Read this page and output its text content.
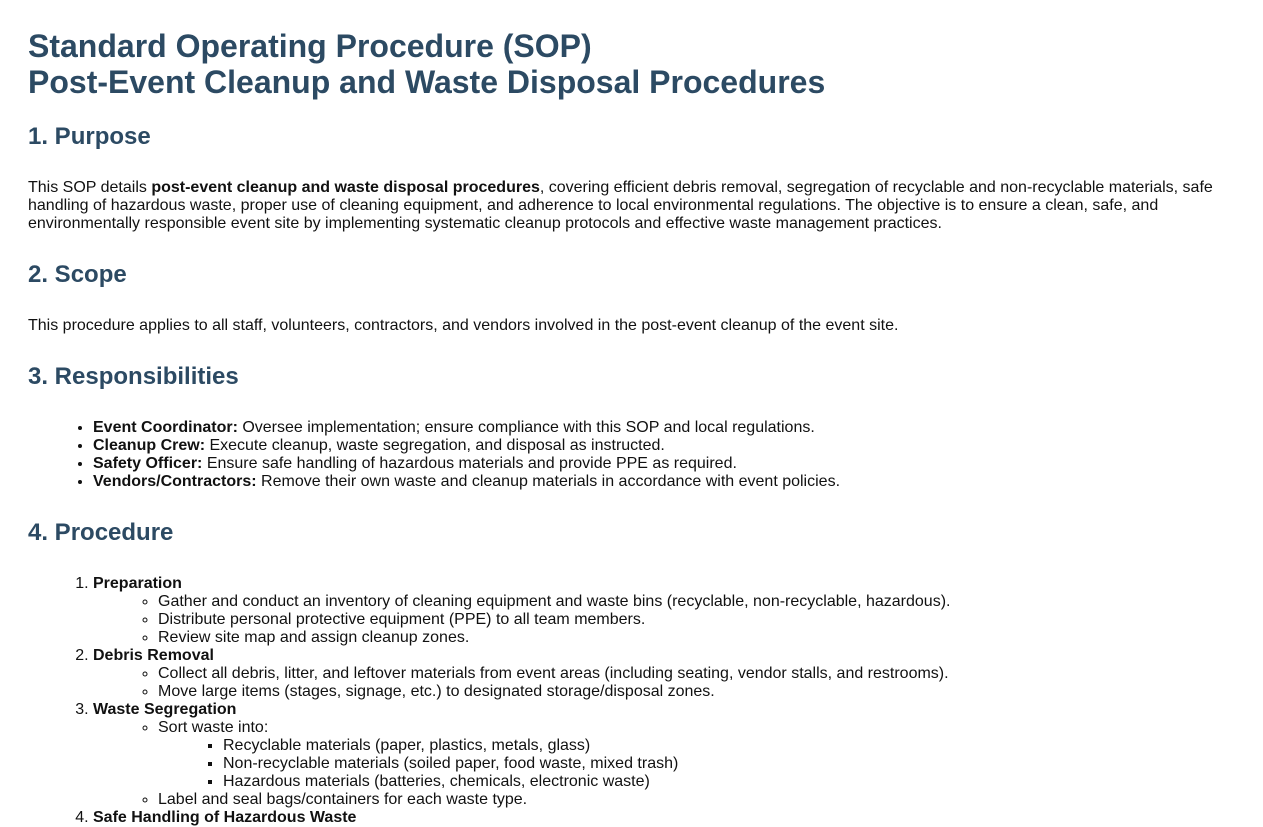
Standard Operating Procedure (SOP)
Post-Event Cleanup and Waste Disposal Procedures
1. Purpose

This SOP details post-event cleanup and waste disposal procedures, covering efficient debris removal, segregation of recyclable and non-recyclable materials, safe handling of hazardous waste, proper use of cleaning equipment, and adherence to local environmental regulations. The objective is to ensure a clean, safe, and environmentally responsible event site by implementing systematic cleanup protocols and effective waste management practices.

2. Scope

This procedure applies to all staff, volunteers, contractors, and vendors involved in the post-event cleanup of the event site.

3. Responsibilities
• Event Coordinator: Oversee implementation; ensure compliance with this SOP and local regulations.
• Cleanup Crew: Execute cleanup, waste segregation, and disposal as instructed.
• Safety Officer: Ensure safe handling of hazardous materials and provide PPE as required.
• Vendors/Contractors: Remove their own waste and cleanup materials in accordance with event policies.
4. Procedure
1. Preparation
◦ Gather and conduct an inventory of cleaning equipment and waste bins (recyclable, non-recyclable, hazardous).
◦ Distribute personal protective equipment (PPE) to all team members.
◦ Review site map and assign cleanup zones.
2. Debris Removal
◦ Collect all debris, litter, and leftover materials from event areas (including seating, vendor stalls, and restrooms).
◦ Move large items (stages, signage, etc.) to designated storage/disposal zones.
3. Waste Segregation
◦ Sort waste into:
▪ Recyclable materials (paper, plastics, metals, glass)
▪ Non-recyclable materials (soiled paper, food waste, mixed trash)
▪ Hazardous materials (batteries, chemicals, electronic waste)
◦ Label and seal bags/containers for each waste type.
4. Safe Handling of Hazardous Waste
